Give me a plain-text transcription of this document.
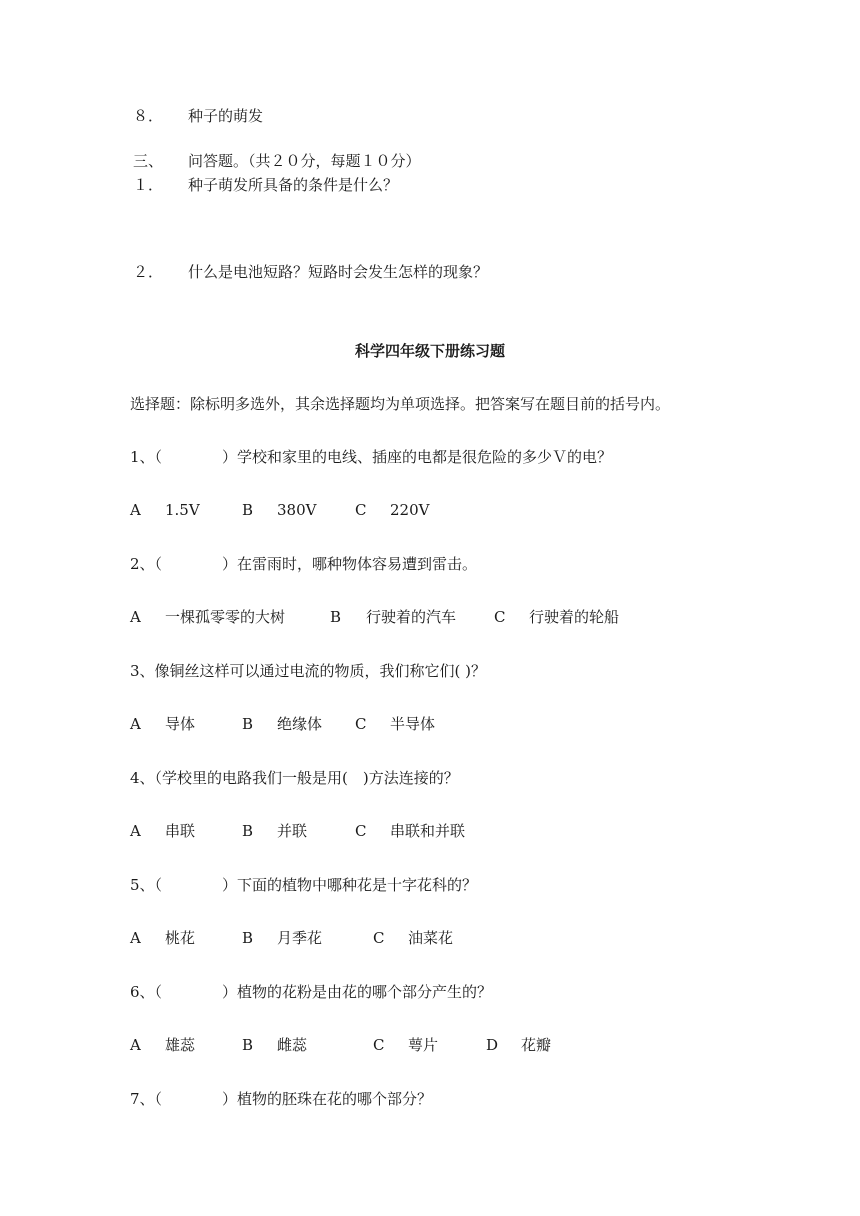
８． 种子的萌发
三、 问答题。（共２０分，每题１０分）
１． 种子萌发所具备的条件是什么？
２． 什么是电池短路？短路时会发生怎样的现象？
科学四年级下册练习题
选择题：除标明多选外，其余选择题均为单项选择。把答案写在题目前的括号内。
1、（　　　　）学校和家里的电线、插座的电都是很危险的多少Ｖ的电？
A 1.5V	B 380V	C 220V
2、（　　　　）在雷雨时，哪种物体容易遭到雷击。
A 一棵孤零零的大树	B 行驶着的汽车	C 行驶着的轮船
3、像铜丝这样可以通过电流的物质，我们称它们( )？
A 导体	B 绝缘体 C 半导体
4、（学校里的电路我们一般是用(　)方法连接的？
A 串联	B 并联	C 串联和并联
5、（　　　　）下面的植物中哪种花是十字花科的？
A 桃花	B 月季花	C 油菜花
6、（　　　　）植物的花粉是由花的哪个部分产生的？
A 雄蕊	B 雌蕊	C 萼片	D 花瓣
7、（　　　　）植物的胚珠在花的哪个部分？
